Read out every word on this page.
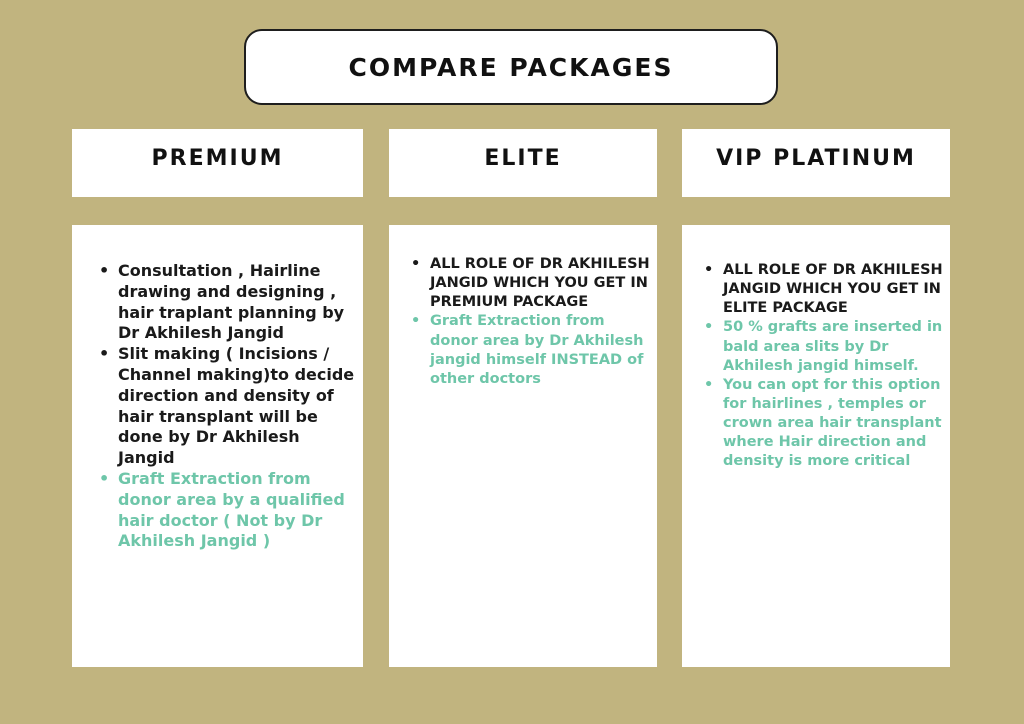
COMPARE PACKAGES
PREMIUM	ELITE	VIP PLATINUM
• Consultation , Hairline drawing and designing , hair traplant planning by Dr Akhilesh Jangid
• Slit making ( Incisions / Channel making)to decide direction and density of hair transplant will be done by Dr Akhilesh Jangid
• Graft Extraction from donor area by a qualified hair doctor ( Not by Dr Akhilesh Jangid )
• ALL ROLE OF DR AKHILESH JANGID WHICH YOU GET IN PREMIUM PACKAGE
• Graft Extraction from donor area by Dr Akhilesh jangid himself INSTEAD of other doctors
• ALL ROLE OF DR AKHILESH JANGID WHICH YOU GET IN ELITE PACKAGE
• 50 % grafts are inserted in bald area slits by Dr Akhilesh jangid himself.
• You can opt for this option for hairlines , temples or crown area hair transplant where Hair direction and density is more critical
